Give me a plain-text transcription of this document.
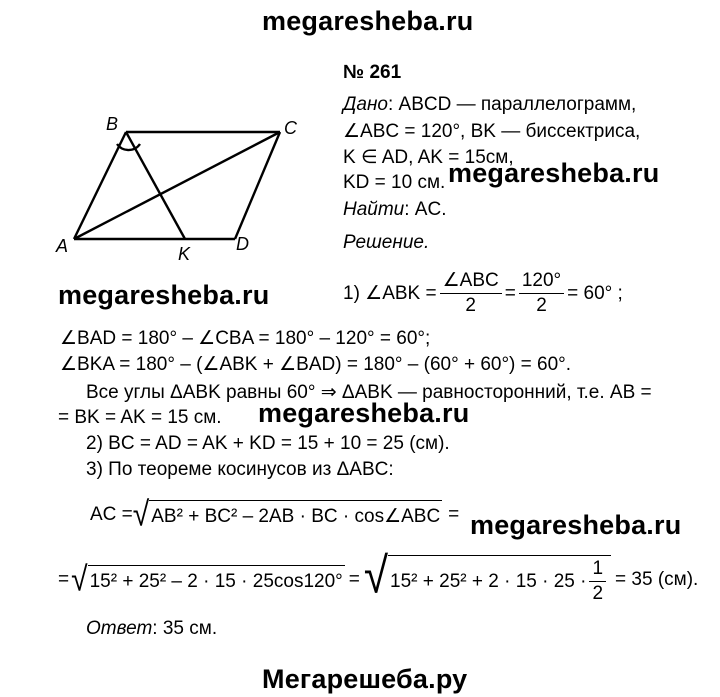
megaresheba.ru
megaresheba.ru
megaresheba.ru
megaresheba.ru
megaresheba.ru
Мегарешеба.ру
B	C
A	D
K
№ 261
Дано: ABCD — параллелограмм,
∠ABC = 120°, BK — биссектриса,
K ∈ AD, AK = 15см,
KD = 10 см.
Найти: AC.
Решение.
1) ∠ABK = $\frac{\text{∠ABC}}{2} = \frac{120^\circ}{2} = 60^\circ$ ;
∠BAD = 180° – ∠CBA = 180° – 120° = 60°;
∠BKA = 180° – (∠ABK + ∠BAD) = 180° – (60° + 60°) = 60°.
Все углы ΔABK равны 60° ⇒ ΔABK — равносторонний, т.е. AB =
= BK = AK = 15 см.
2) BC = AD = AK + KD = 15 + 10 = 25 (см).
3) По теореме косинусов из ΔABC:
AC = √ AB² + BC² – 2AB · BC · cos∠ABC =
= √ 15² + 25² – 2 · 15 · 25cos120° = √ $15^2 + 25^2 + 2 \cdot 15 \cdot 25 \cdot \frac{1}{2} = 35$ (см).
Ответ: 35 см.
